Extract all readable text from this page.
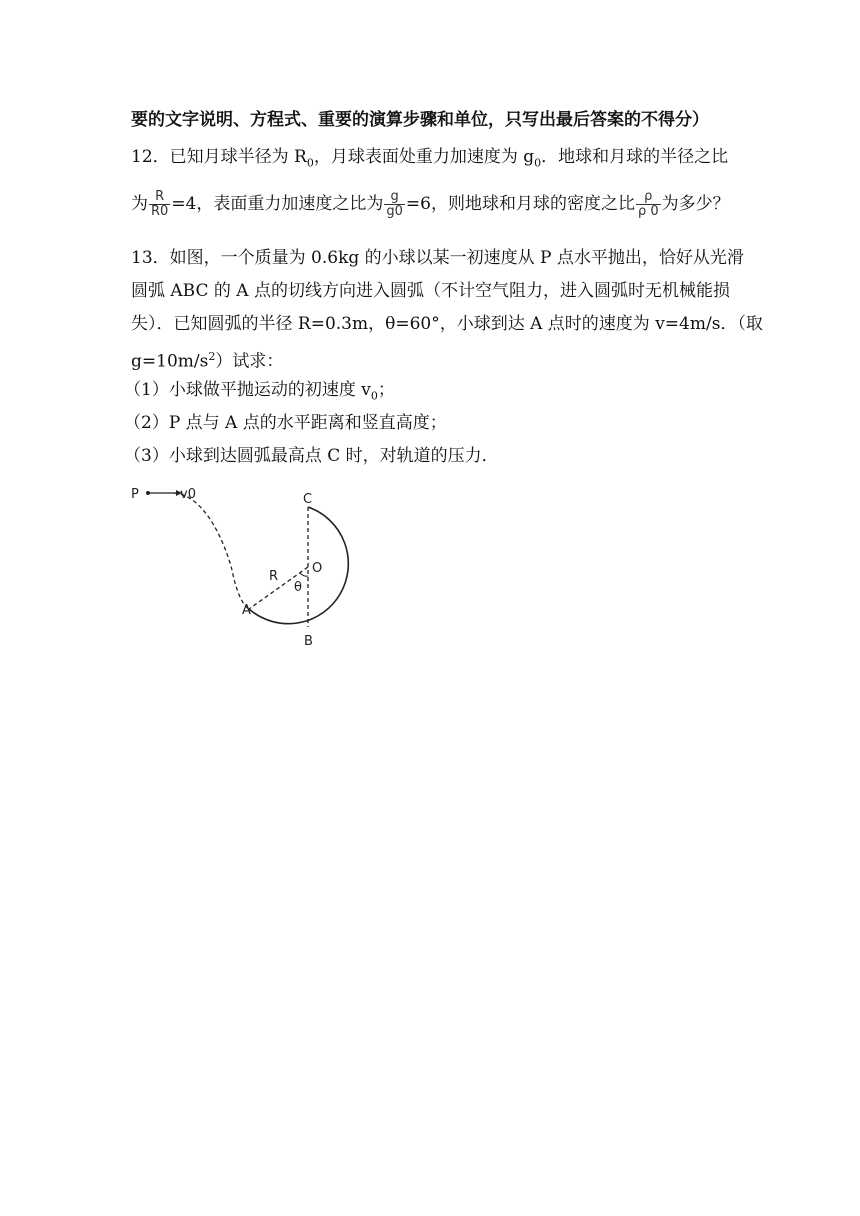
要的文字说明、方程式、重要的演算步骤和单位，只写出最后答案的不得分）
12．已知月球半径为 $R_0$，月球表面处重力加速度为 $g_0$．地球和月球的半径之比
为 $\frac{R}{R0} =4$，表面重力加速度之比为 $\frac{g}{g0} =6$，则地球和月球的密度之比 $\frac{\rho}{\rho 0}$ 为多少？
13．如图，一个质量为 0.6kg 的小球以某一初速度从 P 点水平抛出，恰好从光滑
圆弧 ABC 的 A 点的切线方向进入圆弧（不计空气阻力，进入圆弧时无机械能损
失）．已知圆弧的半径 R=0.3m，θ=60°，小球到达 A 点时的速度为 v=4m/s．（取
$g=10m/s^2$）试求：
（1）小球做平抛运动的初速度 $v_0$；
（2）P 点与 A 点的水平距离和竖直高度；
（3）小球到达圆弧最高点 C 时，对轨道的压力．
P	v0	C
O
R
θ
A
B
